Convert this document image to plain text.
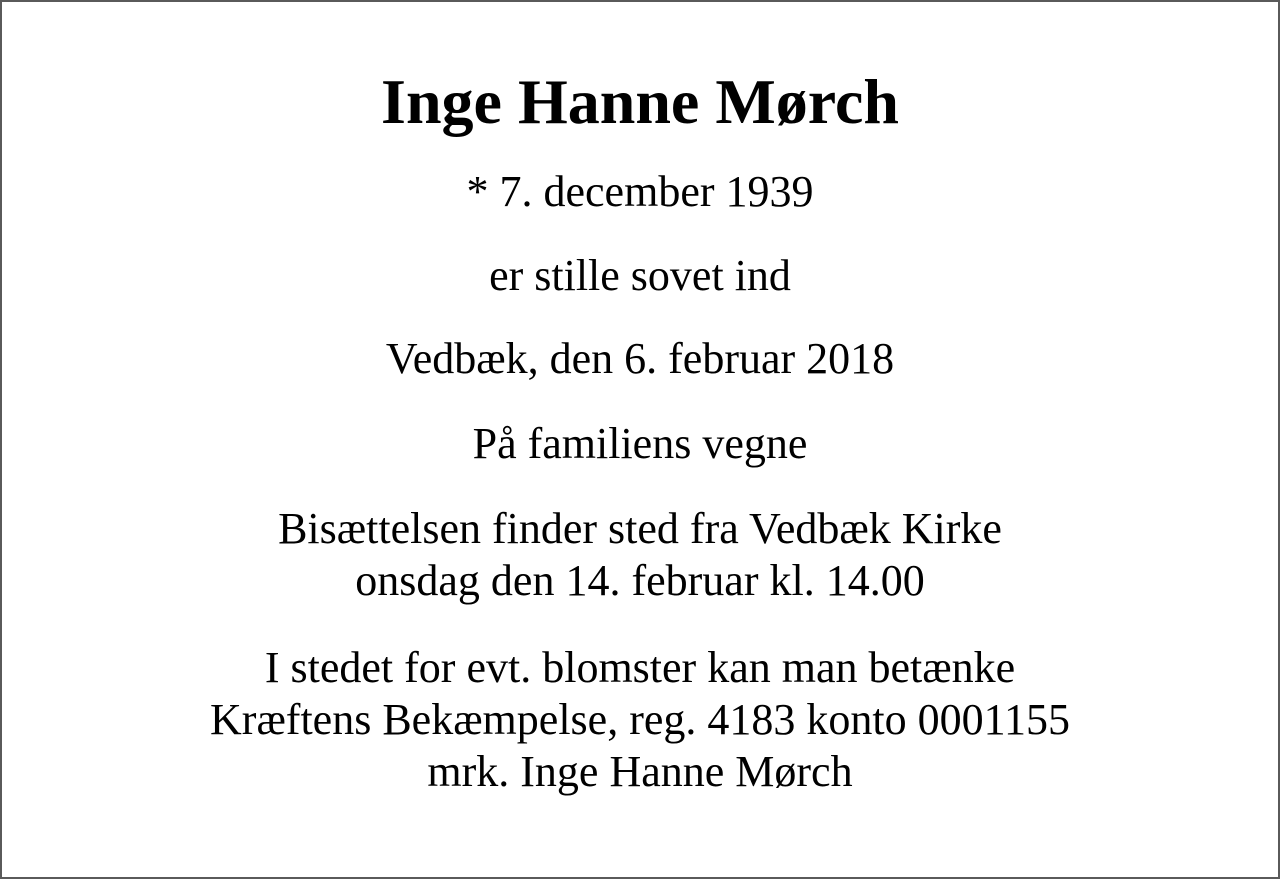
Inge Hanne Mørch

* 7. december 1939

er stille sovet ind

Vedbæk, den 6. februar 2018

På familiens vegne

Bisættelsen finder sted fra Vedbæk Kirke
onsdag den 14. februar kl. 14.00

I stedet for evt. blomster kan man betænke
Kræftens Bekæmpelse, reg. 4183 konto 0001155
mrk. Inge Hanne Mørch
